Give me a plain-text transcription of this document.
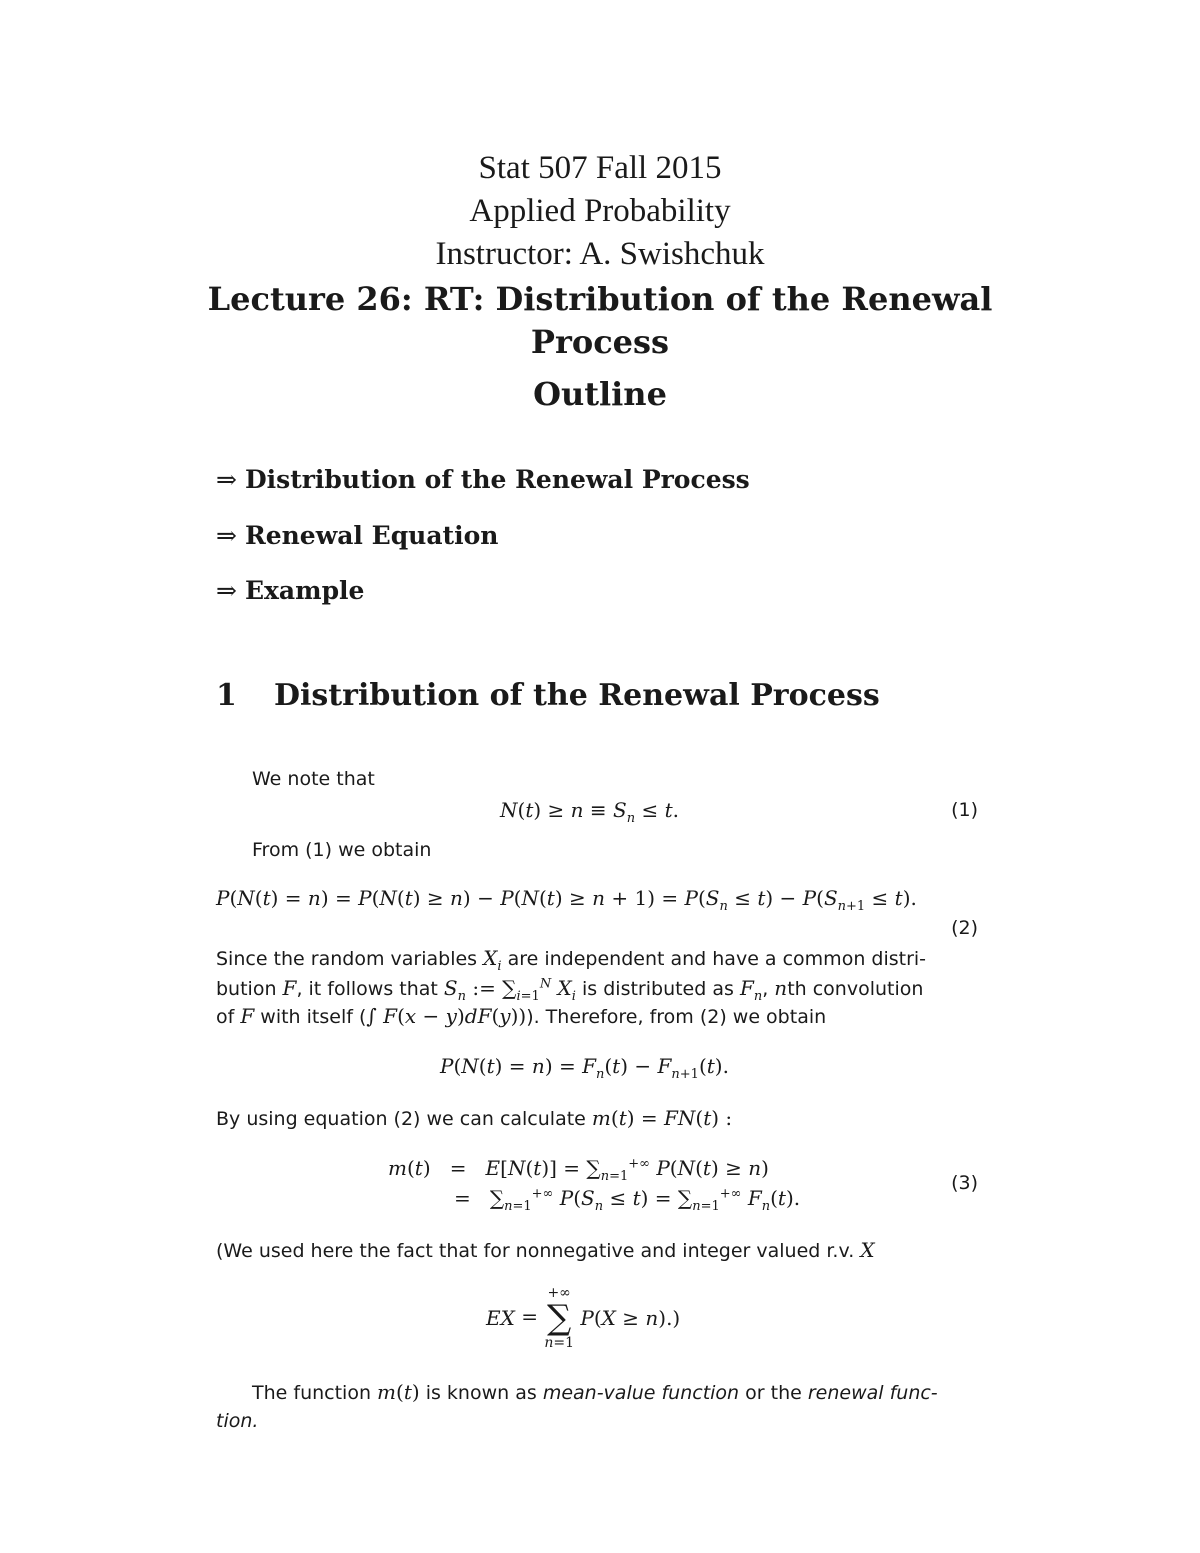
Stat 507 Fall 2015
Applied Probability
Instructor: A. Swishchuk
Lecture 26: RT: Distribution of the Renewal
Process
Outline
⇒ Distribution of the Renewal Process
⇒ Renewal Equation
⇒ Example
1 Distribution of the Renewal Process
We note that
$N(t) \ge n \equiv S_n \le t$.	(1)
From (1) we obtain
$P(N(t) = n) = P(N(t) \ge n) - P(N(t) \ge n + 1) = P(S_n \le t) - P(S_{n+1} \le t)$.
(2)
Since the random variables $X_i$ are independent and have a common distri-
bution F, it follows that $S_n$ := $\sum_{i=1}^N$ $X_i$ is distributed as $F_n$, nth convolution
of F with itself (∫ F(x − y)dF(y))). Therefore, from (2) we obtain
$P(N(t) = n) = F_n(t) - F_{n+1}(t)$.
By using equation (2) we can calculate m(t) = FN(t) :
$m(t) = E[N(t)] = \sum_{n=1}^{+\infty}$ P(N(t) ≥ n)
=   $\sum_{n=1}^{+\infty}$ $P(S_n \le t) = \sum_{n=1}^{+\infty}$ $F_n(t)$.
(3)
(We used here the fact that for nonnegative and integer valued r.v. X
EX =
+∞
∑
n=1
P(X ≥ n).)
The function m(t) is known as mean-value function or the renewal func-
tion.
